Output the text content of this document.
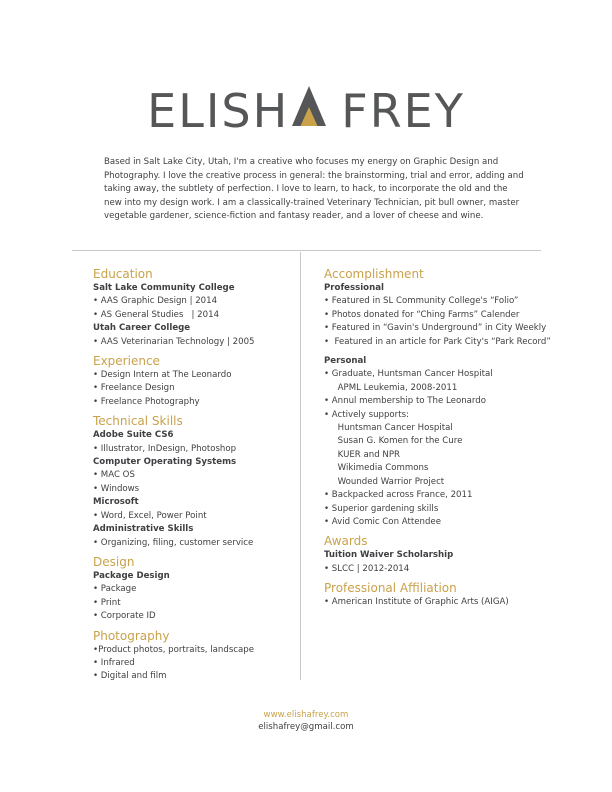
ELISH FREY
Based in Salt Lake City, Utah, I'm a creative who focuses my energy on Graphic Design and Photography. I love the creative process in general: the brainstorming, trial and error, adding and taking away, the subtlety of perfection. I love to learn, to hack, to incorporate the old and the new into my design work. I am a classically-trained Veterinary Technician, pit bull owner, master vegetable gardener, science-fiction and fantasy reader, and a lover of cheese and wine.
Education
Salt Lake Community College
• AAS Graphic Design | 2014
• AS General Studies   | 2014
Utah Career College
• AAS Veterinarian Technology | 2005
Experience
• Design Intern at The Leonardo
• Freelance Design
• Freelance Photography
Technical Skills
Adobe Suite CS6
• Illustrator, InDesign, Photoshop
Computer Operating Systems
• MAC OS
• Windows
Microsoft
• Word, Excel, Power Point
Administrative Skills
• Organizing, filing, customer service
Design
Package Design
• Package
• Print
• Corporate ID
Photography
•Product photos, portraits, landscape
• Infrared
• Digital and film
Accomplishment
Professional
• Featured in SL Community College's “Folio”
• Photos donated for “Ching Farms” Calender
• Featured in “Gavin's Underground” in City Weekly
•  Featured in an article for Park City's “Park Record”
Personal
• Graduate, Huntsman Cancer Hospital
APML Leukemia, 2008-2011
• Annul membership to The Leonardo
• Actively supports:
Huntsman Cancer Hospital
Susan G. Komen for the Cure
KUER and NPR
Wikimedia Commons
Wounded Warrior Project
• Backpacked across France, 2011
• Superior gardening skills
• Avid Comic Con Attendee
Awards
Tuition Waiver Scholarship
• SLCC | 2012-2014
Professional Affiliation
• American Institute of Graphic Arts (AIGA)
www.elishafrey.com
elishafrey@gmail.com
